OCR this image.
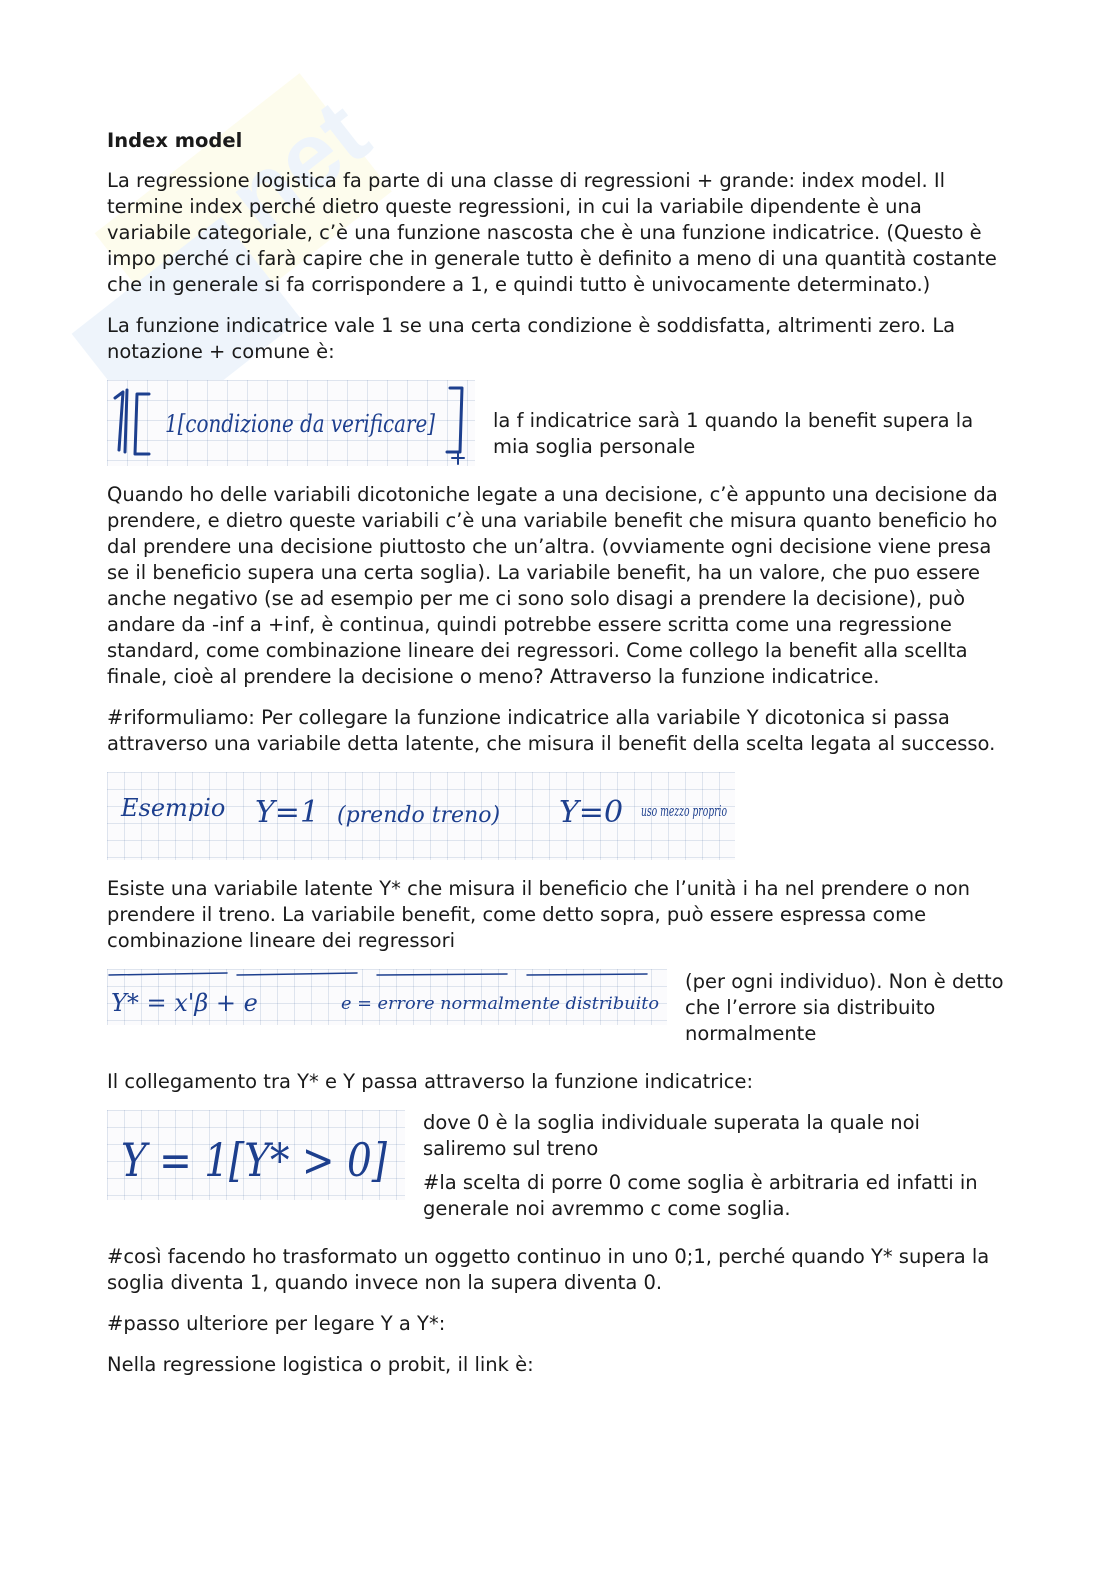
net
Index model

La regressione logistica fa parte di una classe di regressioni + grande: index model. Il termine index perché dietro queste regressioni, in cui la variabile dipendente è una variabile categoriale, c’è una funzione nascosta che è una funzione indicatrice. (Questo è impo perché ci farà capire che in generale tutto è definito a meno di una quantità costante che in generale si fa corrispondere a 1, e quindi tutto è univocamente determinato.)

La funzione indicatrice vale 1 se una certa condizione è soddisfatta, altrimenti zero. La notazione + comune è:

1[condizione da verificare]	la f indicatrice sarà 1 quando la benefit supera la mia soglia personale

Quando ho delle variabili dicotoniche legate a una decisione, c’è appunto una decisione da prendere, e dietro queste variabili c’è una variabile benefit che misura quanto beneficio ho dal prendere una decisione piuttosto che un’altra. (ovviamente ogni decisione viene presa se il beneficio supera una certa soglia). La variabile benefit, ha un valore, che puo essere anche negativo (se ad esempio per me ci sono solo disagi a prendere la decisione), può andare da -inf a +inf, è continua, quindi potrebbe essere scritta come una regressione standard, come combinazione lineare dei regressori. Come collego la benefit alla scellta finale, cioè al prendere la decisione o meno? Attraverso la funzione indicatrice.

#riformuliamo: Per collegare la funzione indicatrice alla variabile Y dicotonica si passa attraverso una variabile detta latente, che misura il benefit della scelta legata al successo.

Esempio Y=1 (prendo treno) Y=0 uso mezzo proprio

Esiste una variabile latente Y* che misura il beneficio che l’unità i ha nel prendere o non prendere il treno. La variabile benefit, come detto sopra, può essere espressa come combinazione lineare dei regressori

Y* = x'β + e	e = errore normalmente distribuito

(per ogni individuo). Non è detto che l’errore sia distribuito normalmente

Il collegamento tra Y* e Y passa attraverso la funzione indicatrice:

Y = 1[Y* > 0]

dove 0 è la soglia individuale superata la quale noi saliremo sul treno

#la scelta di porre 0 come soglia è arbitraria ed infatti in generale noi avremmo c come soglia.

#così facendo ho trasformato un oggetto continuo in uno 0;1, perché quando Y* supera la soglia diventa 1, quando invece non la supera diventa 0.

#passo ulteriore per legare Y a Y*:

Nella regressione logistica o probit, il link è:
